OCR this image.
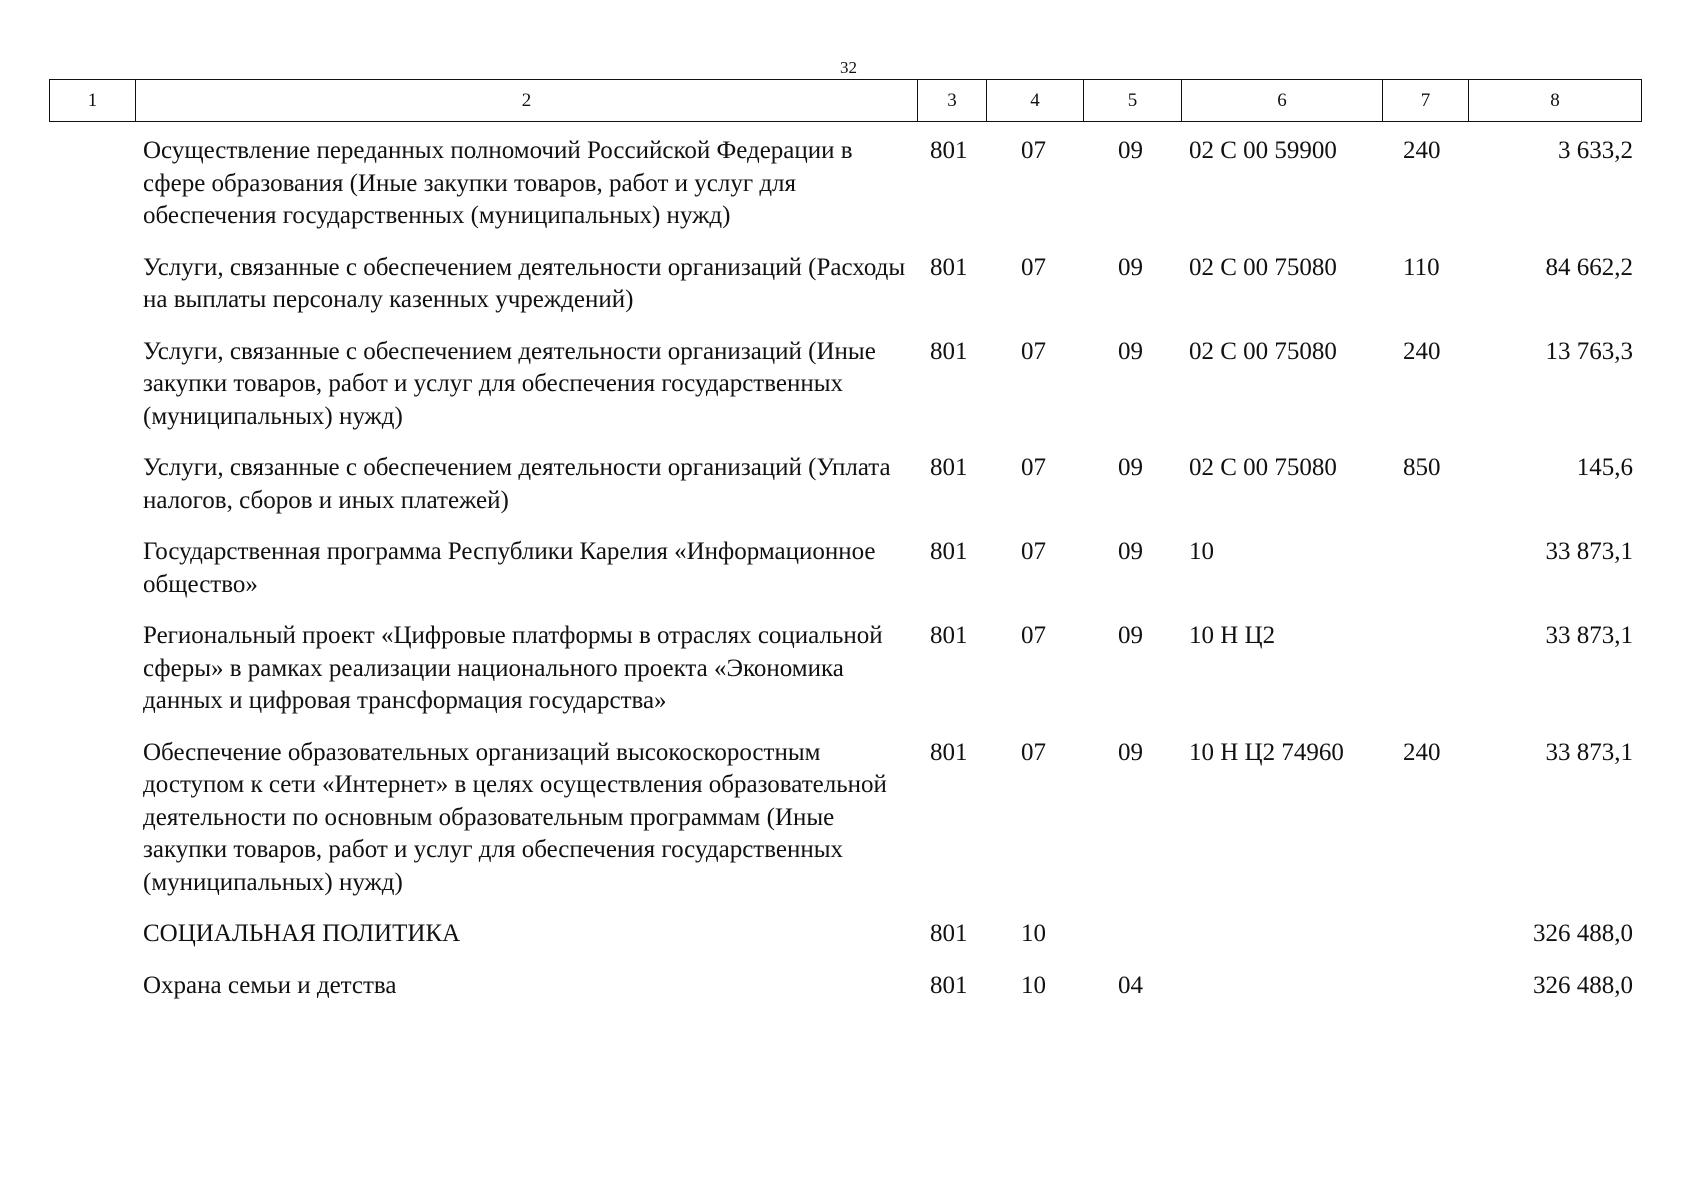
32
1	2	3	4	5	6	7	8
	Осуществление переданных полномочий Российской Федерации в сфере образования (Иные закупки товаров, работ и услуг для обеспечения государственных (муниципальных) нужд)	801	07	09	02 С 00 59900	240	3 633,2
	Услуги, связанные с обеспечением деятельности организаций (Расходы на выплаты персоналу казенных учреждений)	801	07	09	02 С 00 75080	110	84 662,2
	Услуги, связанные с обеспечением деятельности организаций (Иные закупки товаров, работ и услуг для обеспечения государственных (муниципальных) нужд)	801	07	09	02 С 00 75080	240	13 763,3
	Услуги, связанные с обеспечением деятельности организаций (Уплата налогов, сборов и иных платежей)	801	07	09	02 С 00 75080	850	145,6
	Государственная программа Республики Карелия «Информационное общество»	801	07	09	10		33 873,1
	Региональный проект «Цифровые платформы в отраслях социальной сферы» в рамках реализации национального проекта «Экономика данных и цифровая трансформация государства»	801	07	09	10 Н Ц2		33 873,1
	Обеспечение образовательных организаций высокоскоростным доступом к сети «Интернет» в целях осуществления образовательной деятельности по основным образовательным программам (Иные закупки товаров, работ и услуг для обеспечения государственных (муниципальных) нужд)	801	07	09	10 Н Ц2 74960	240	33 873,1
	СОЦИАЛЬНАЯ ПОЛИТИКА	801	10				326 488,0
	Охрана семьи и детства	801	10	04			326 488,0
